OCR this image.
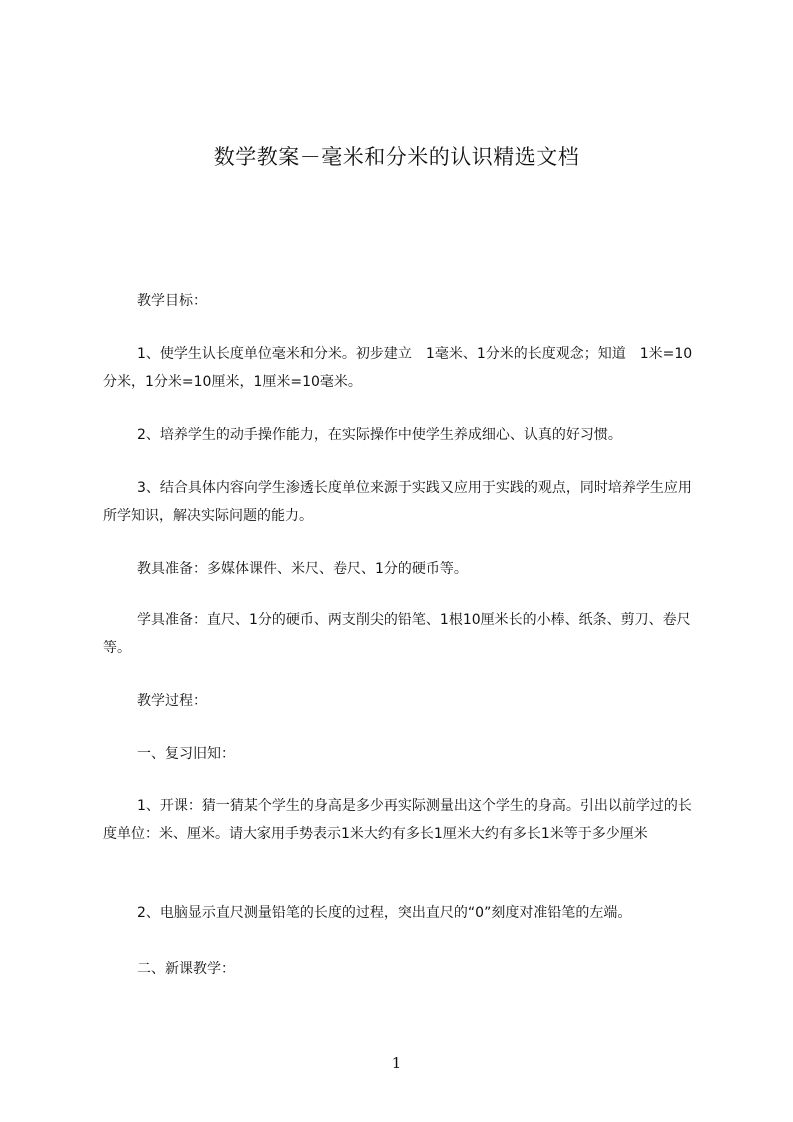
数学教案－毫米和分米的认识精选文档

教学目标：

1、使学生认长度单位毫米和分米。初步建立　1毫米、1分米的长度观念；知道　1米=10分米，1分米=10厘米，1厘米=10毫米。

2、培养学生的动手操作能力，在实际操作中使学生养成细心、认真的好习惯。

3、结合具体内容向学生渗透长度单位来源于实践又应用于实践的观点，同时培养学生应用所学知识，解决实际问题的能力。

教具准备：多媒体课件、米尺、卷尺、1分的硬币等。

学具准备：直尺、1分的硬币、两支削尖的铅笔、1根10厘米长的小棒、纸条、剪刀、卷尺等。

教学过程：

一、复习旧知：

1、开课：猜一猜某个学生的身高是多少再实际测量出这个学生的身高。引出以前学过的长度单位：米、厘米。请大家用手势表示1米大约有多长1厘米大约有多长1米等于多少厘米

2、电脑显示直尺测量铅笔的长度的过程，突出直尺的“0”刻度对准铅笔的左端。

二、新课教学：

1
